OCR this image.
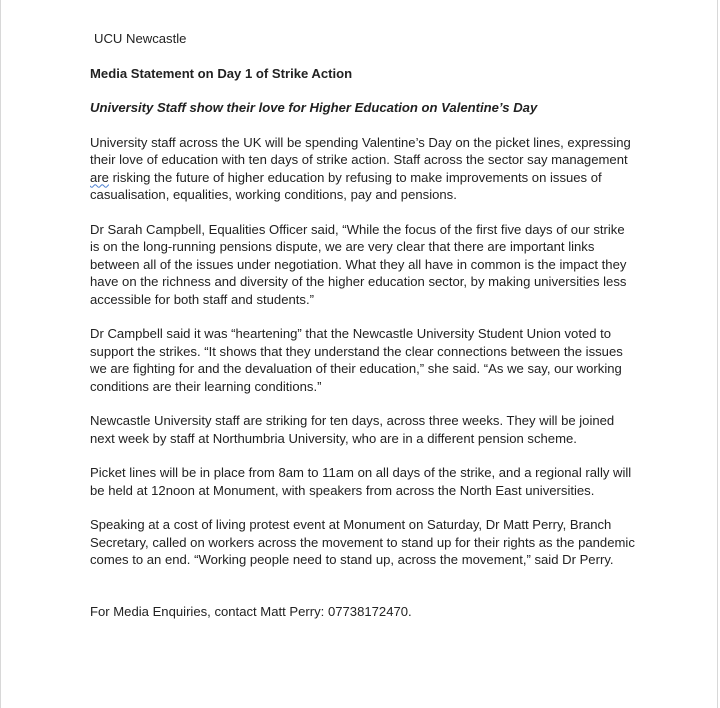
UCU Newcastle

Media Statement on Day 1 of Strike Action

University Staff show their love for Higher Education on Valentine’s Day

University staff across the UK will be spending Valentine’s Day on the picket lines, expressing their love of education with ten days of strike action. Staff across the sector say management are risking the future of higher education by refusing to make improvements on issues of casualisation, equalities, working conditions, pay and pensions.

Dr Sarah Campbell, Equalities Officer said, “While the focus of the first five days of our strike is on the long-running pensions dispute, we are very clear that there are important links between all of the issues under negotiation. What they all have in common is the impact they have on the richness and diversity of the higher education sector, by making universities less accessible for both staff and students.”

Dr Campbell said it was “heartening” that the Newcastle University Student Union voted to support the strikes. “It shows that they understand the clear connections between the issues we are fighting for and the devaluation of their education,” she said. “As we say, our working conditions are their learning conditions.”

Newcastle University staff are striking for ten days, across three weeks. They will be joined next week by staff at Northumbria University, who are in a different pension scheme.

Picket lines will be in place from 8am to 11am on all days of the strike, and a regional rally will be held at 12noon at Monument, with speakers from across the North East universities.

Speaking at a cost of living protest event at Monument on Saturday, Dr Matt Perry, Branch Secretary, called on workers across the movement to stand up for their rights as the pandemic comes to an end. “Working people need to stand up, across the movement,” said Dr Perry.

For Media Enquiries, contact Matt Perry: 07738172470.
